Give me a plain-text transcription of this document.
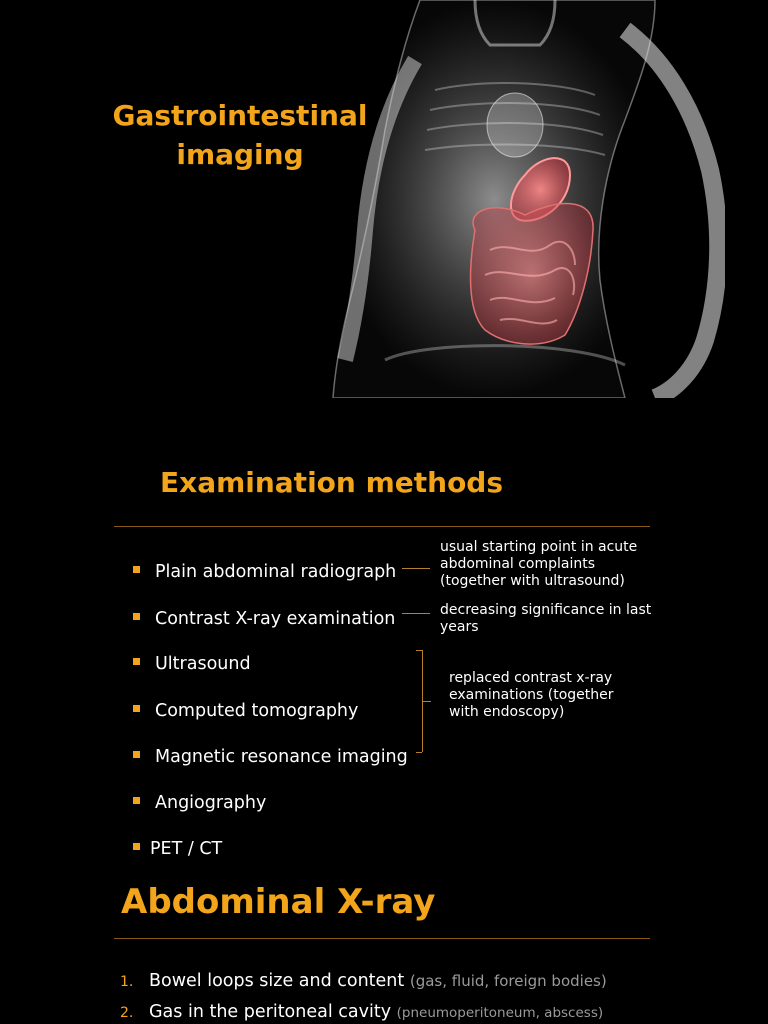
Gastrointestinal
imaging
Examination methods
Plain abdominal radiograph
Contrast X-ray examination
Ultrasound
Computed tomography
Magnetic resonance imaging
Angiography
PET / CT
usual starting point in acute
abdominal complaints
(together with ultrasound)
decreasing significance in last
years
replaced contrast x-ray
examinations (together
with endoscopy)
Abdominal X-ray
1. Bowel loops size and content (gas, fluid, foreign bodies)
2. Gas in the peritoneal cavity (pneumoperitoneum, abscess)
